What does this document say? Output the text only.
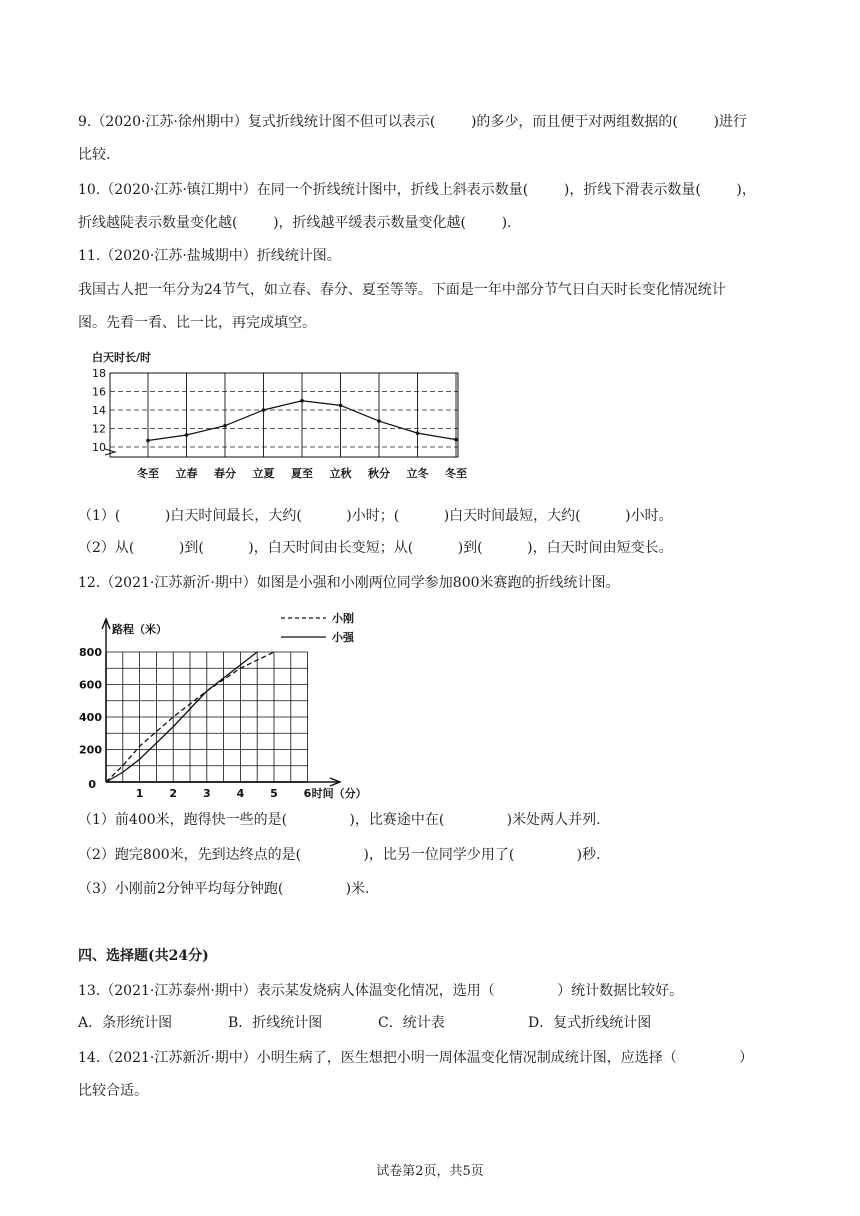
9.（2020·江苏·徐州期中）复式折线统计图不但可以表示(        )的多少，而且便于对两组数据的(        )进行
比较.
10.（2020·江苏·镇江期中）在同一个折线统计图中，折线上斜表示数量(        )，折线下滑表示数量(        )，
折线越陡表示数量变化越(        )，折线越平缓表示数量变化越(        ).
11.（2020·江苏·盐城期中）折线统计图。
我国古人把一年分为24节气，如立春、春分、夏至等等。下面是一年中部分节气日白天时长变化情况统计
图。先看一看、比一比，再完成填空。
白天时长/时
10
12
14
16
18
冬至 立春 春分 立夏 夏至 立秋 秋分 立冬 冬至
（1）(          )白天时间最长，大约(          )小时；(          )白天时间最短，大约(          )小时。
（2）从(          )到(          )，白天时间由长变短；从(          )到(          )，白天时间由短变长。
12.（2021·江苏新沂·期中）如图是小强和小刚两位同学参加800米赛跑的折线统计图。
路程（米）
200
400
600
800
0
1 2 3 4 5 6 时间（分）
小刚
小强
（1）前400米，跑得快一些的是(              )，比赛途中在(              )米处两人并列.
（2）跑完800米，先到达终点的是(              )，比另一位同学少用了(              )秒.
（3）小刚前2分钟平均每分钟跑(              )米.
四、选择题(共24分)
13.（2021·江苏泰州·期中）表示某发烧病人体温变化情况，选用（              ）统计数据比较好。
A．条形统计图	B．折线统计图	C．统计表	D．复式折线统计图
14.（2021·江苏新沂·期中）小明生病了，医生想把小明一周体温变化情况制成统计图，应选择（              ）
比较合适。
试卷第2页，共5页
